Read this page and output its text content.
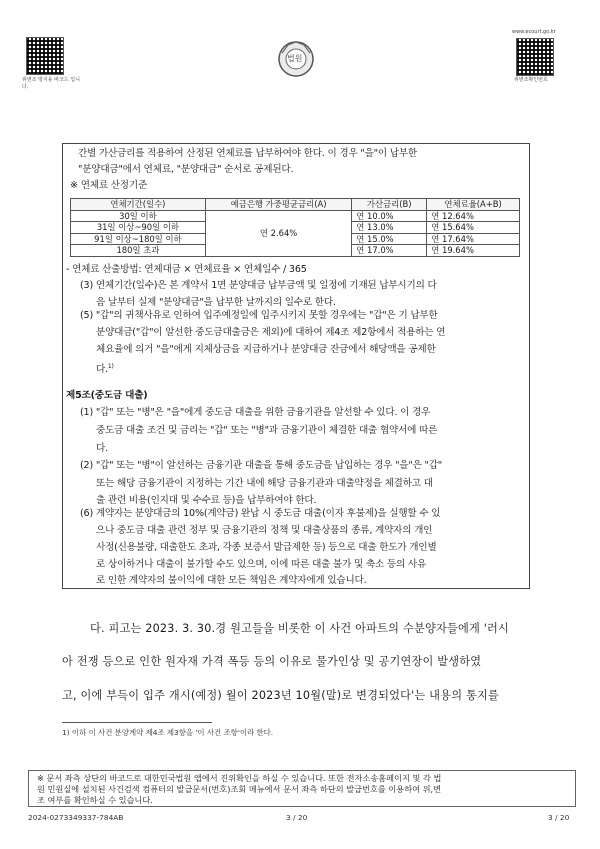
위변조 방지용 바코드 입니다.
법원
www.ecourt.go.kr
위변조확인번호
간별 가산금리를 적용하여 산정된 연체료를 납부하여야 한다. 이 경우 "을"이 납부한
"분양대금"에서 연체료, "분양대금" 순서로 공제된다.
※ 연체료 산정기준
연체기간(일수)	예금은행 가중평균금리(A)	가산금리(B)	연체료율(A+B)
30일 이하	연 2.64%	연 10.0%	연 12.64%
31일 이상~90일 이하		연 13.0%	연 15.64%
91일 이상~180일 이하		연 15.0%	연 17.64%
180일 초과		연 17.0%	연 19.64%
- 연체료 산출방법: 연체대금 × 연체료율 × 연체일수 / 365
(3) 연체기간(일수)은 본 계약서 1면 분양대금 납부금액 및 일정에 기재된 납부시기의 다
음 날부터 실제 "분양대금"을 납부한 날까지의 일수로 한다.
(5) "갑"의 귀책사유로 인하여 입주예정일에 입주시키지 못할 경우에는 "갑"은 기 납부한
분양대금("갑"이 알선한 중도금대출금은 제외)에 대하여 제4조 제2항에서 적용하는 연
체요율에 의거 "을"에게 지체상금을 지급하거나 분양대금 잔금에서 해당액을 공제한
다.$^{1)}$
제5조(중도금 대출)
(1) "갑" 또는 "병"은 "을"에게 중도금 대출을 위한 금융기관을 알선할 수 있다. 이 경우
중도금 대출 조건 및 금리는 "갑" 또는 "병"과 금융기관이 체결한 대출 협약서에 따른
다.
(2) "갑" 또는 "병"이 알선하는 금융기관 대출을 통해 중도금을 납입하는 경우 "을"은 "갑"
또는 해당 금융기관이 지정하는 기간 내에 해당 금융기관과 대출약정을 체결하고 대
출 관련 비용(인지대 및 수수료 등)을 납부하여야 한다.
(6) 계약자는 분양대금의 10%(계약금) 완납 시 중도금 대출(이자 후불제)을 실행할 수 있
으나 중도금 대출 관련 정부 및 금융기관의 정책 및 대출상품의 종류, 계약자의 개인
사정(신용불량, 대출한도 초과, 각종 보증서 발급제한 등) 등으로 대출 한도가 개인별
로 상이하거나 대출이 불가할 수도 있으며, 이에 따른 대출 불가 및 축소 등의 사유
로 인한 계약자의 불이익에 대한 모든 책임은 계약자에게 있습니다.
다. 피고는 2023. 3. 30.경 원고들을 비롯한 이 사건 아파트의 수분양자들에게 '러시
아 전쟁 등으로 인한 원자재 가격 폭등 등의 이유로 물가인상 및 공기연장이 발생하였
고, 이에 부득이 입주 개시(예정) 월이 2023년 10월(말)로 변경되었다'는 내용의 통지를
1) 이하 이 사건 분양계약 제4조 제3항을 '이 사건 조항'이라 한다.
※ 문서 좌측 상단의 바코드로 대한민국법원 앱에서 진위확인을 하실 수 있습니다. 또한 전자소송홈페이지 및 각 법
원 민원실에 설치된 사건검색 컴퓨터의 발급문서(번호)조회 메뉴에서 문서 좌측 하단의 발급번호를 이용하여 위,변
조 여부를 확인하실 수 있습니다.
2024-0273349337-784AB	3 / 20	3 / 20
